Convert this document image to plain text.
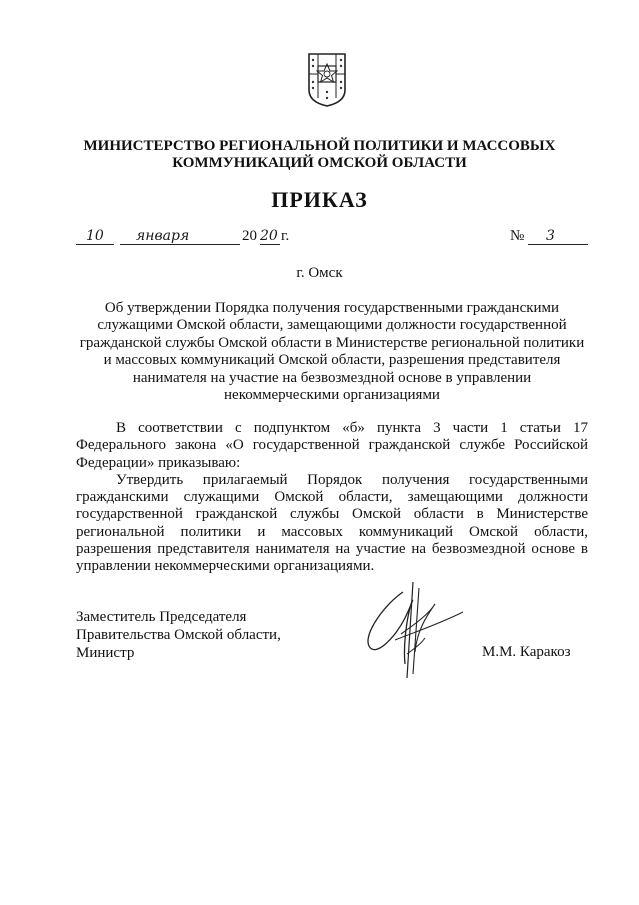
МИНИСТЕРСТВО РЕГИОНАЛЬНОЙ ПОЛИТИКИ И МАССОВЫХ
КОММУНИКАЦИЙ ОМСКОЙ ОБЛАСТИ
ПРИКАЗ
10 января	20 20 г.	№ 3
г. Омск
Об утверждении Порядка получения государственными гражданскими
служащими Омской области, замещающими должности государственной
гражданской службы Омской области в Министерстве региональной политики
и массовых коммуникаций Омской области, разрешения представителя
нанимателя на участие на безвозмездной основе в управлении
некоммерческими организациями

В соответствии с подпунктом «б» пункта 3 части 1 статьи 17 Федерального закона «О государственной гражданской службе Российской Федерации» приказываю:

Утвердить прилагаемый Порядок получения государственными гражданскими служащими Омской области, замещающими должности государственной гражданской службы Омской области в Министерстве региональной политики и массовых коммуникаций Омской области, разрешения представителя нанимателя на участие на безвозмездной основе в управлении некоммерческими организациями.

Заместитель Председателя
Правительства Омской области,
Министр	М.М. Каракоз
